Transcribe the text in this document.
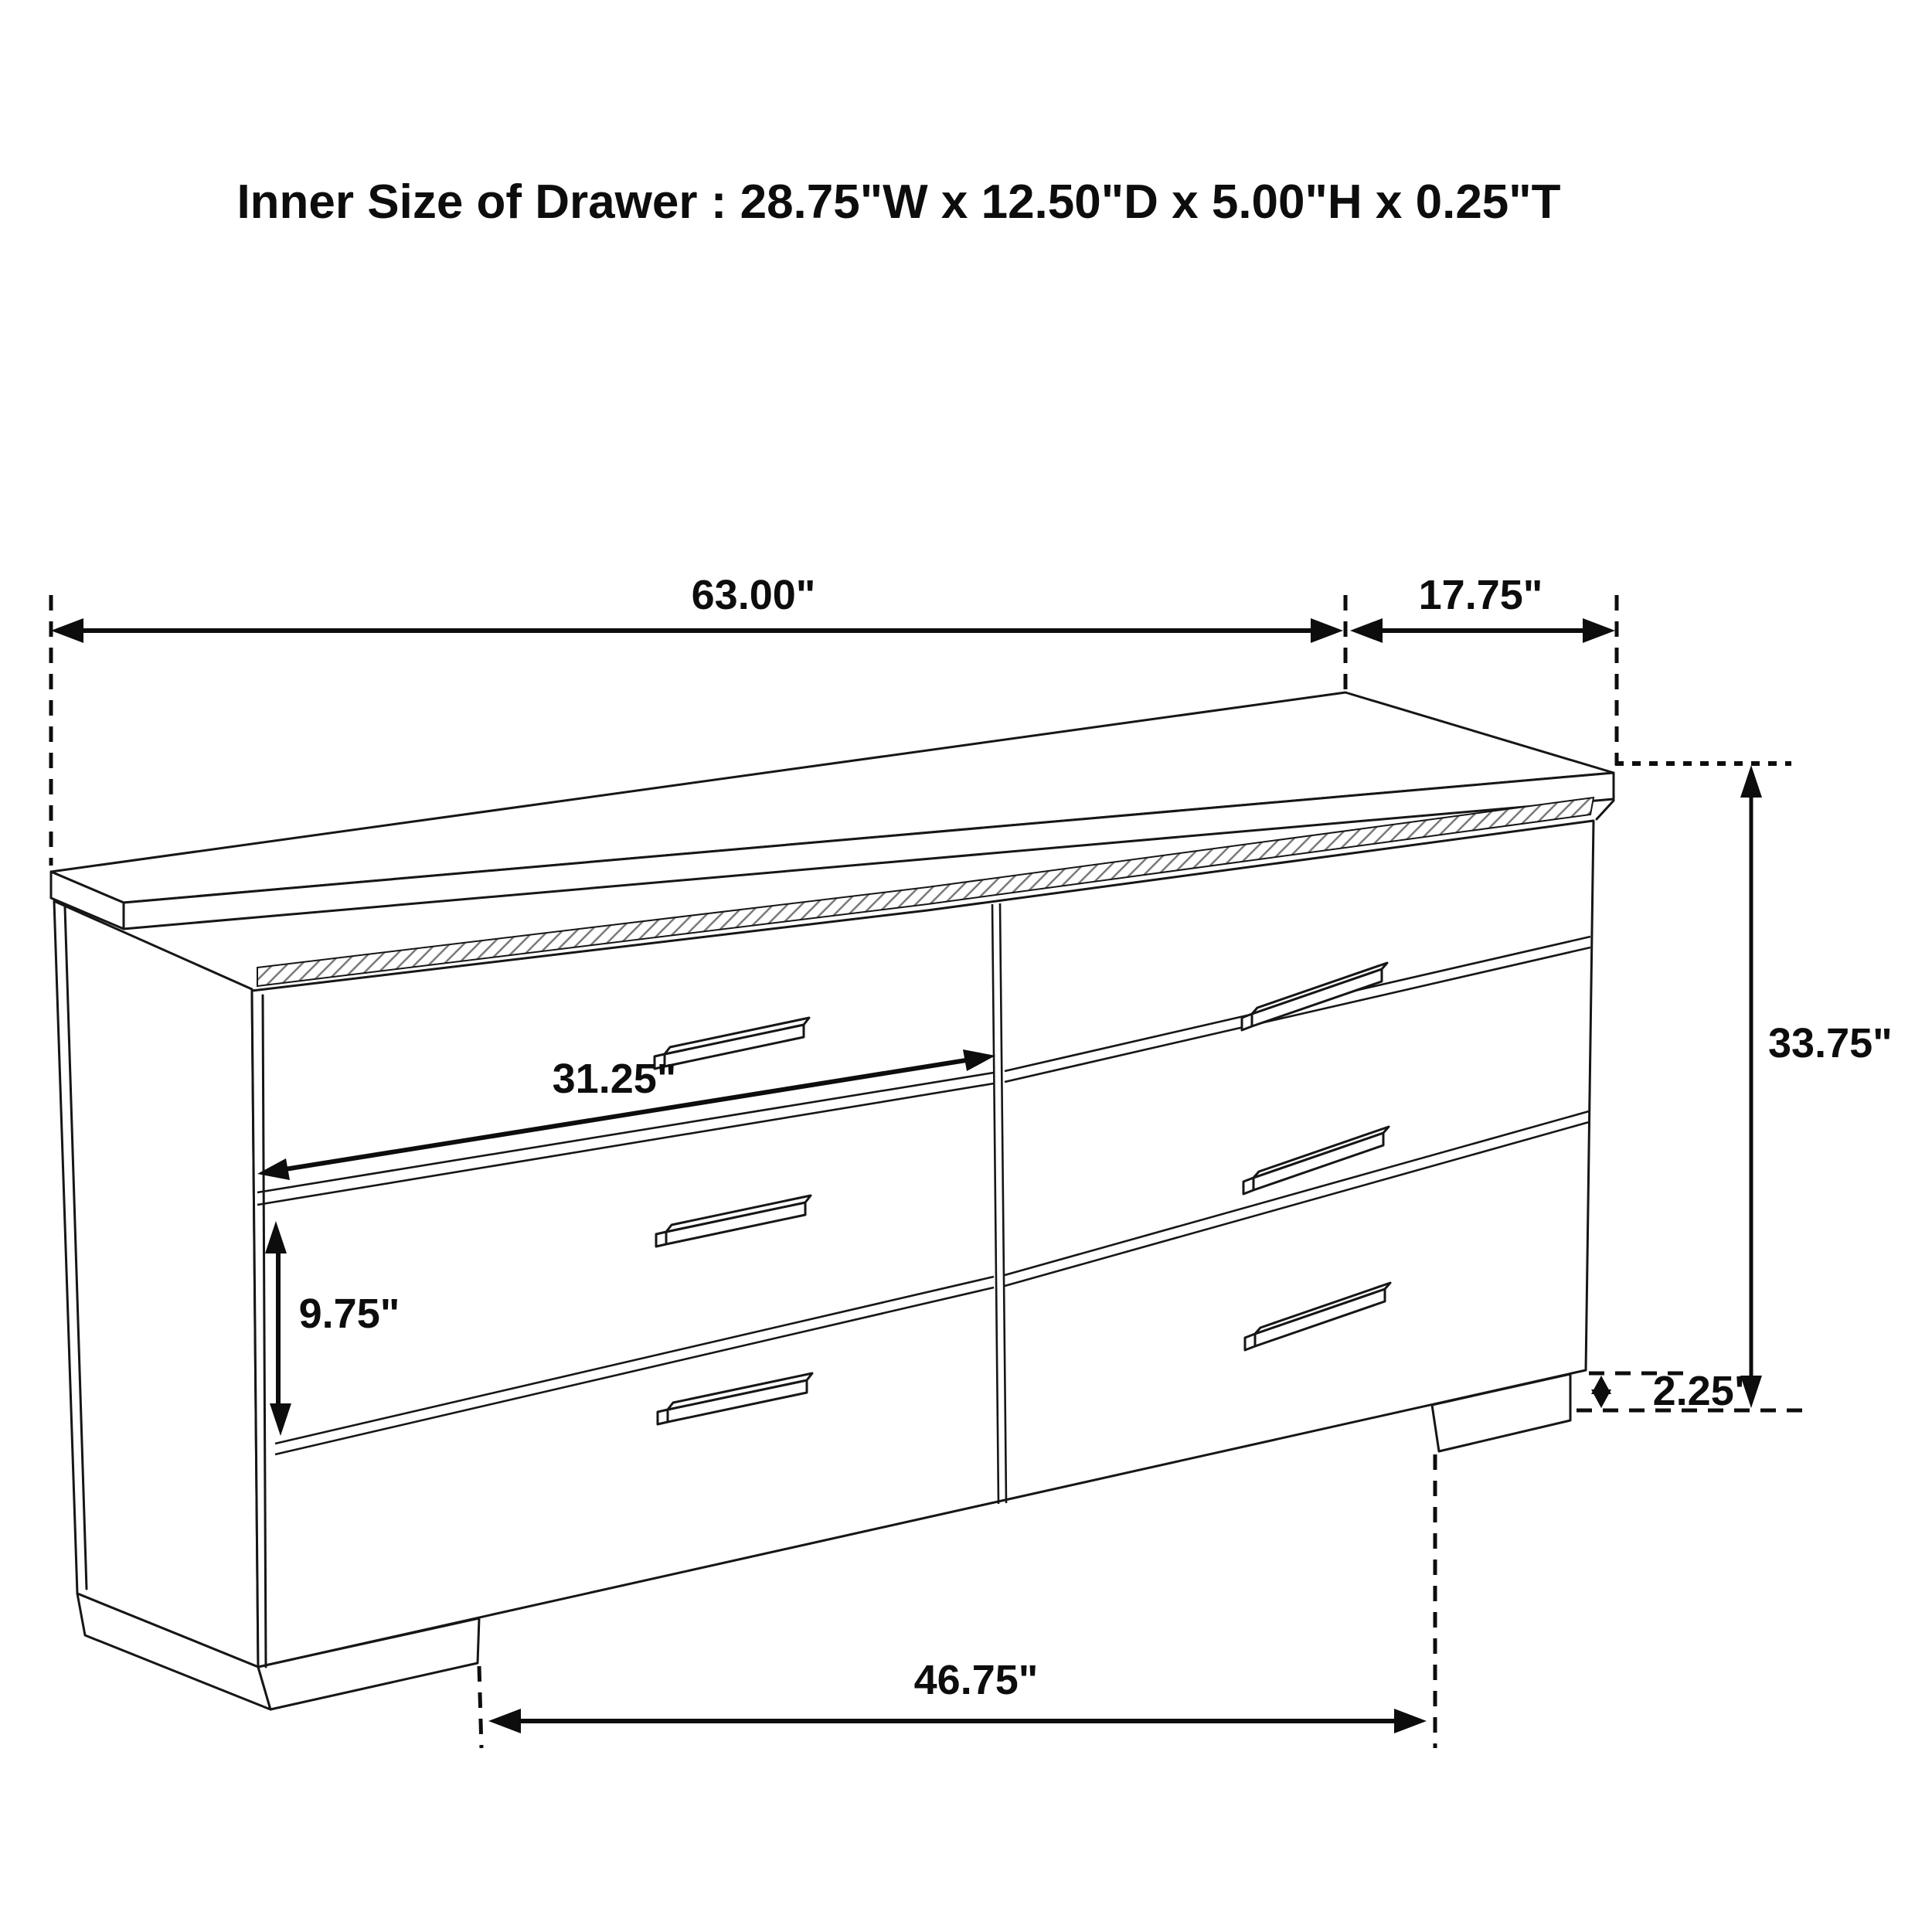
Inner Size of Drawer : 28.75"W x 12.50"D x 5.00"H x 0.25"T
63.00"	17.75"
33.75"
31.25"
9.75"
2.25"
46.75"
